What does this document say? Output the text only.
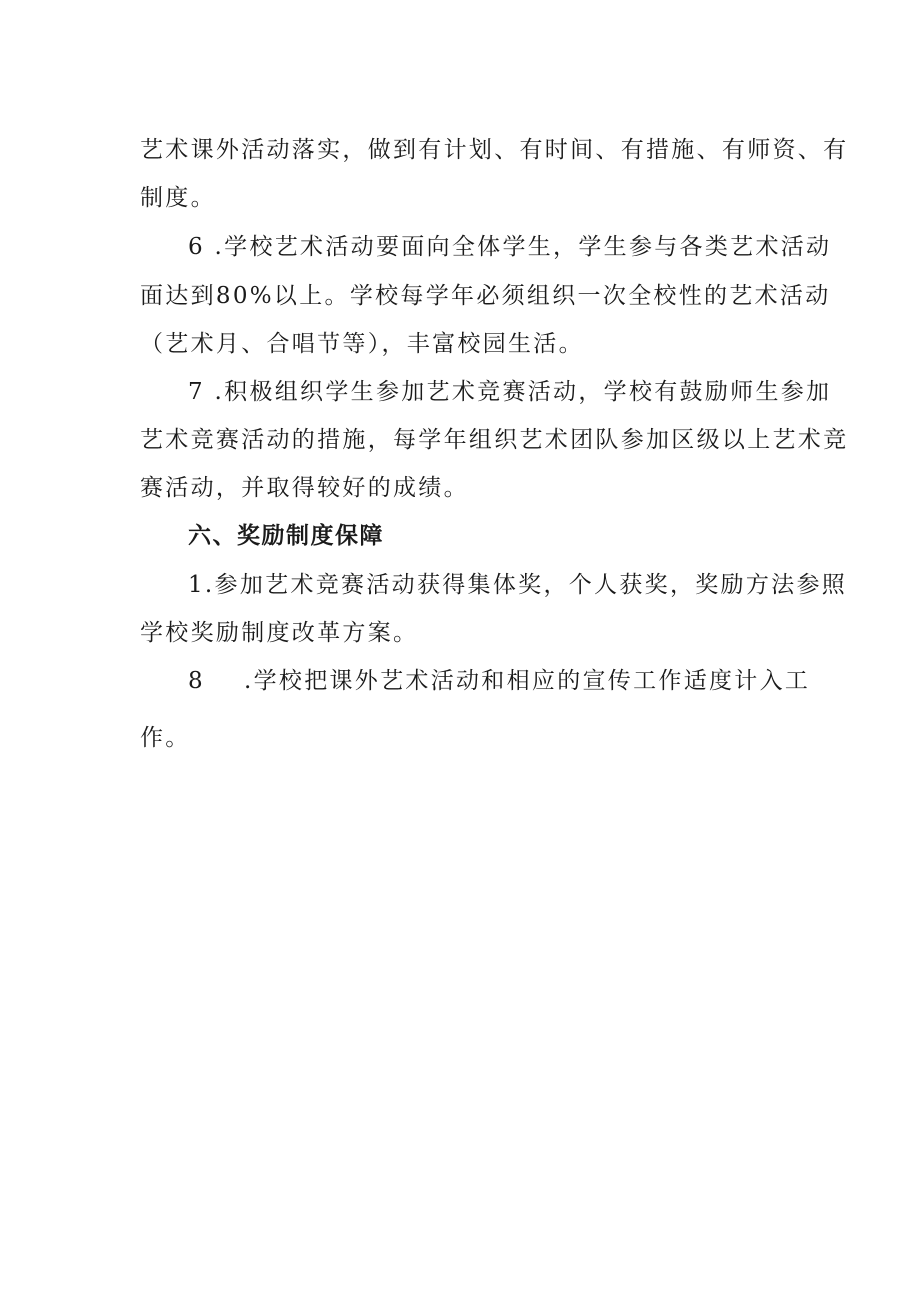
艺术课外活动落实，做到有计划、有时间、有措施、有师资、有
制度。
6 .学校艺术活动要面向全体学生，学生参与各类艺术活动
面达到80%以上。学校每学年必须组织一次全校性的艺术活动
（艺术月、合唱节等），丰富校园生活。
7 .积极组织学生参加艺术竞赛活动，学校有鼓励师生参加
艺术竞赛活动的措施，每学年组织艺术团队参加区级以上艺术竞
赛活动，并取得较好的成绩。
六、奖励制度保障
1.参加艺术竞赛活动获得集体奖，个人获奖，奖励方法参照
学校奖励制度改革方案。
8 .学校把课外艺术活动和相应的宣传工作适度计入工
作。
